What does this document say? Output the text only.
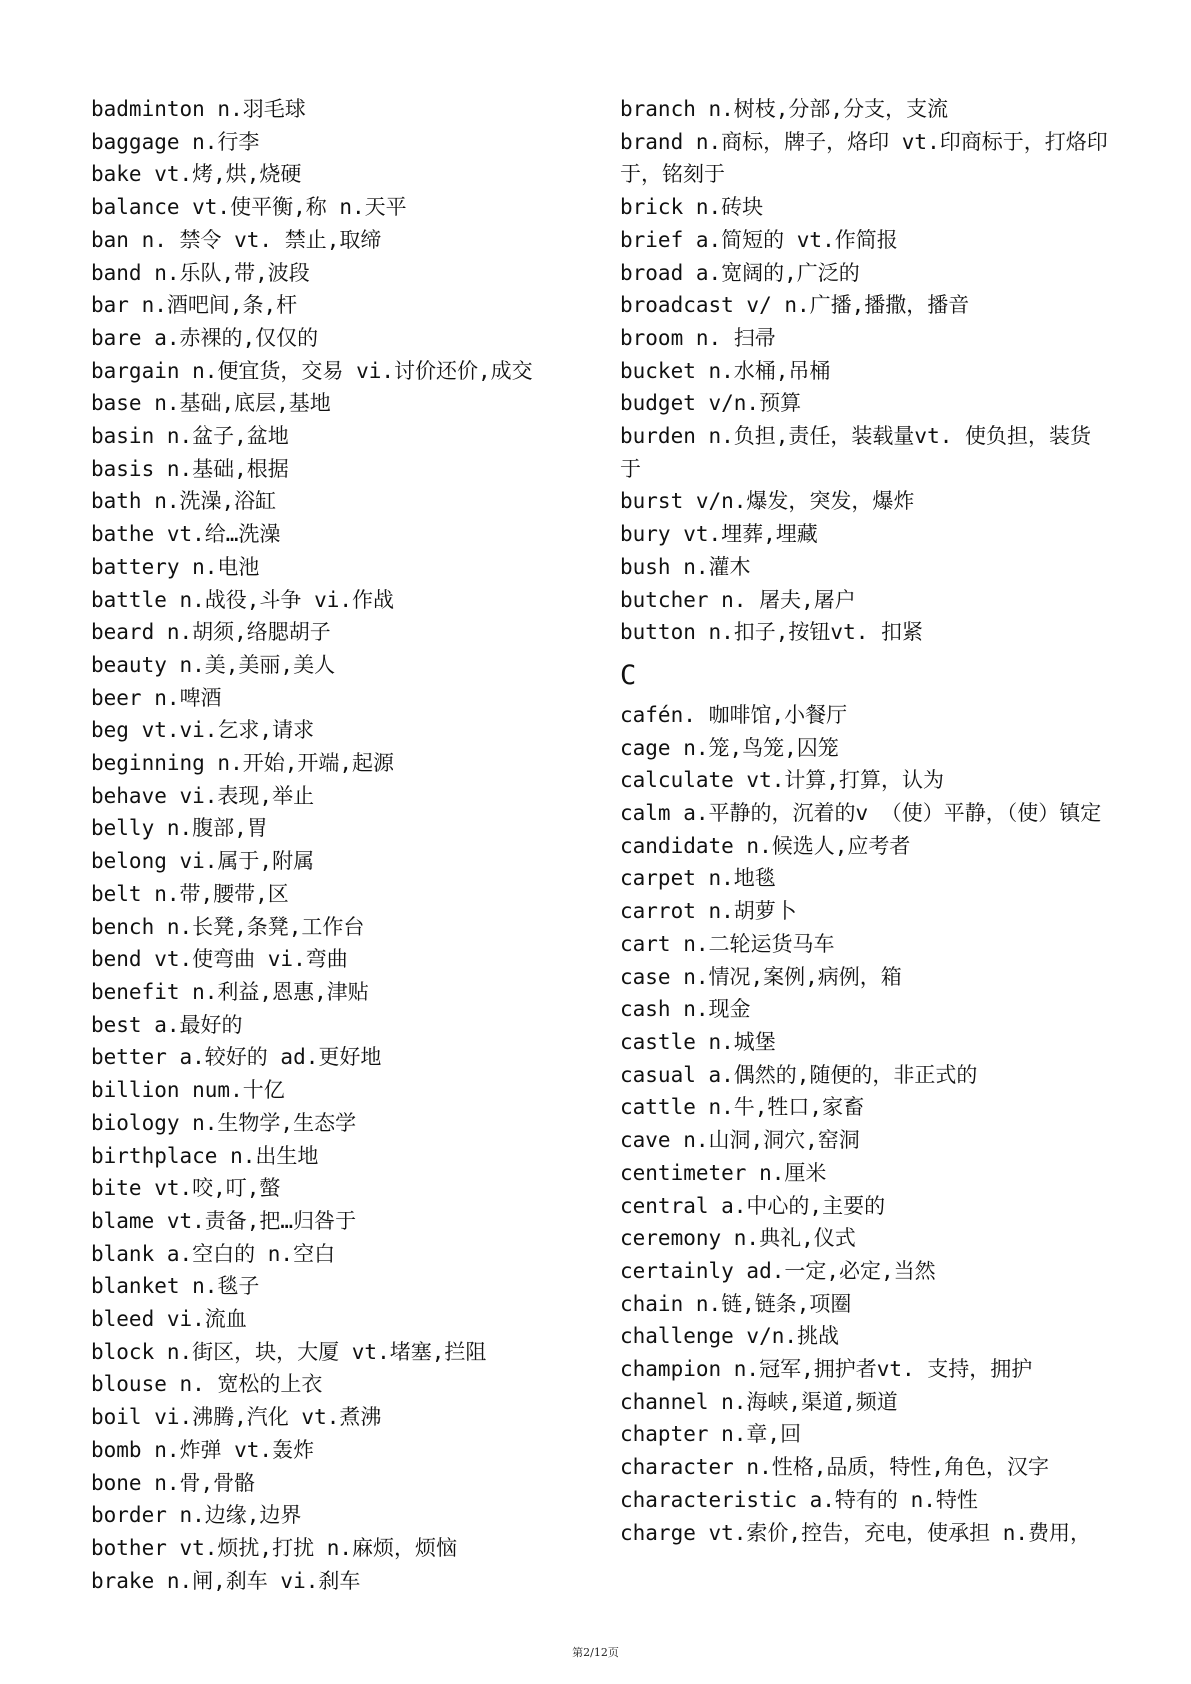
badminton n.羽毛球
baggage n.行李
bake vt.烤,烘,烧硬
balance vt.使平衡,称 n.天平
ban n. 禁令 vt. 禁止,取缔
band n.乐队,带,波段
bar n.酒吧间,条,杆
bare a.赤裸的,仅仅的
bargain n.便宜货，交易 vi.讨价还价,成交
base n.基础,底层,基地
basin n.盆子,盆地
basis n.基础,根据
bath n.洗澡,浴缸
bathe vt.给…洗澡
battery n.电池
battle n.战役,斗争 vi.作战
beard n.胡须,络腮胡子
beauty n.美,美丽,美人
beer n.啤酒
beg vt.vi.乞求,请求
beginning n.开始,开端,起源
behave vi.表现,举止
belly n.腹部,胃
belong vi.属于,附属
belt n.带,腰带,区
bench n.长凳,条凳,工作台
bend vt.使弯曲 vi.弯曲
benefit n.利益,恩惠,津贴
best a.最好的
better a.较好的 ad.更好地
billion num.十亿
biology n.生物学,生态学
birthplace n.出生地
bite vt.咬,叮,螫
blame vt.责备,把…归咎于
blank a.空白的 n.空白
blanket n.毯子
bleed vi.流血
block n.街区，块，大厦 vt.堵塞,拦阻
blouse n. 宽松的上衣
boil vi.沸腾,汽化 vt.煮沸
bomb n.炸弹 vt.轰炸
bone n.骨,骨骼
border n.边缘,边界
bother vt.烦扰,打扰 n.麻烦，烦恼
brake n.闸,刹车 vi.刹车
branch n.树枝,分部,分支，支流
brand n.商标，牌子，烙印 vt.印商标于，打烙印于，铭刻于
brick n.砖块
brief a.简短的 vt.作简报
broad a.宽阔的,广泛的
broadcast v/ n.广播,播撒，播音
broom n. 扫帚
bucket n.水桶,吊桶
budget v/n.预算
burden n.负担,责任，装载量vt. 使负担，装货于
burst v/n.爆发，突发，爆炸
bury vt.埋葬,埋藏
bush n.灌木
butcher n. 屠夫,屠户
button n.扣子,按钮vt. 扣紧
C
cafén. 咖啡馆,小餐厅
cage n.笼,鸟笼,囚笼
calculate vt.计算,打算，认为
calm a.平静的，沉着的v （使）平静，（使）镇定
candidate n.候选人,应考者
carpet n.地毯
carrot n.胡萝卜
cart n.二轮运货马车
case n.情况,案例,病例，箱
cash n.现金
castle n.城堡
casual a.偶然的,随便的，非正式的
cattle n.牛,牲口,家畜
cave n.山洞,洞穴,窑洞
centimeter n.厘米
central a.中心的,主要的
ceremony n.典礼,仪式
certainly ad.一定,必定,当然
chain n.链,链条,项圈
challenge v/n.挑战
champion n.冠军,拥护者vt. 支持，拥护
channel n.海峡,渠道,频道
chapter n.章,回
character n.性格,品质，特性,角色，汉字
characteristic a.特有的 n.特性
charge vt.索价,控告，充电，使承担 n.费用，
第2/12页
